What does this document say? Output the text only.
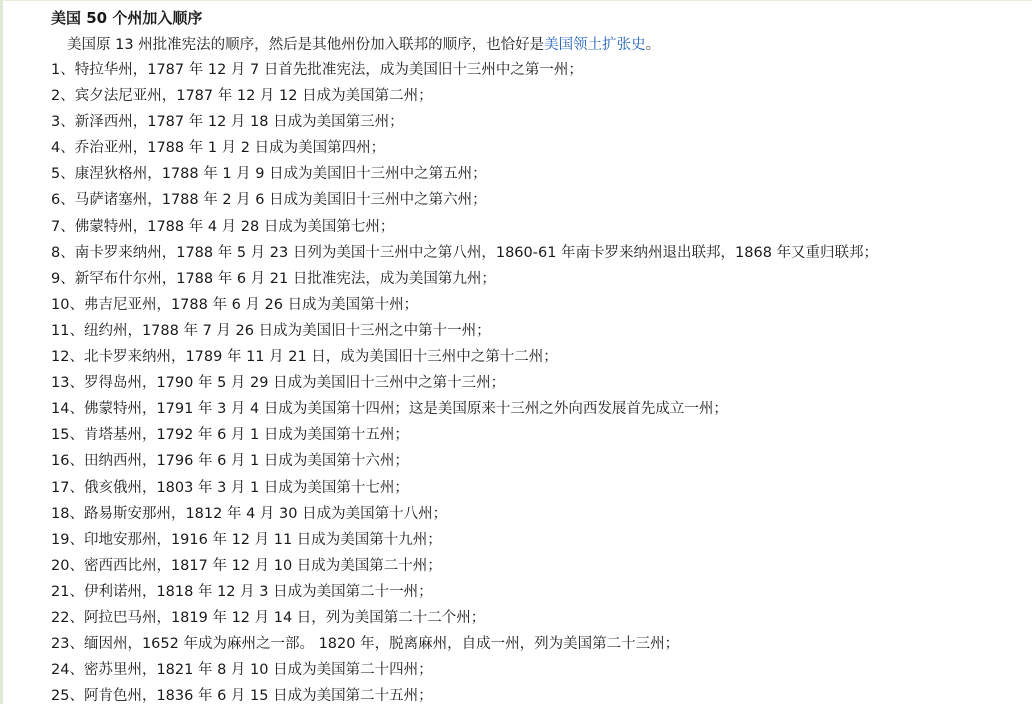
美国 50 个州加入顺序
美国原 13 州批准宪法的顺序，然后是其他州份加入联邦的顺序，也恰好是美国领土扩张史。
1、特拉华州，1787 年 12 月 7 日首先批准宪法，成为美国旧十三州中之第一州；
2、宾夕法尼亚州，1787 年 12 月 12 日成为美国第二州；
3、新泽西州，1787 年 12 月 18 日成为美国第三州；
4、乔治亚州，1788 年 1 月 2 日成为美国第四州；
5、康涅狄格州，1788 年 1 月 9 日成为美国旧十三州中之第五州；
6、马萨诸塞州，1788 年 2 月 6 日成为美国旧十三州中之第六州；
7、佛蒙特州，1788 年 4 月 28 日成为美国第七州；
8、南卡罗来纳州，1788 年 5 月 23 日列为美国十三州中之第八州，1860-61 年南卡罗来纳州退出联邦，1868 年又重归联邦；
9、新罕布什尔州，1788 年 6 月 21 日批准宪法，成为美国第九州；
10、弗吉尼亚州，1788 年 6 月 26 日成为美国第十州；
11、纽约州，1788 年 7 月 26 日成为美国旧十三州之中第十一州；
12、北卡罗来纳州，1789 年 11 月 21 日，成为美国旧十三州中之第十二州；
13、罗得岛州，1790 年 5 月 29 日成为美国旧十三州中之第十三州；
14、佛蒙特州，1791 年 3 月 4 日成为美国第十四州；这是美国原来十三州之外向西发展首先成立一州；
15、肯塔基州，1792 年 6 月 1 日成为美国第十五州；
16、田纳西州，1796 年 6 月 1 日成为美国第十六州；
17、俄亥俄州，1803 年 3 月 1 日成为美国第十七州；
18、路易斯安那州，1812 年 4 月 30 日成为美国第十八州；
19、印地安那州，1916 年 12 月 11 日成为美国第十九州；
20、密西西比州，1817 年 12 月 10 日成为美国第二十州；
21、伊利诺州，1818 年 12 月 3 日成为美国第二十一州；
22、阿拉巴马州，1819 年 12 月 14 日，列为美国第二十二个州；
23、缅因州，1652 年成为麻州之一部。 1820 年，脱离麻州，自成一州，列为美国第二十三州；
24、密苏里州，1821 年 8 月 10 日成为美国第二十四州；
25、阿肯色州，1836 年 6 月 15 日成为美国第二十五州；
